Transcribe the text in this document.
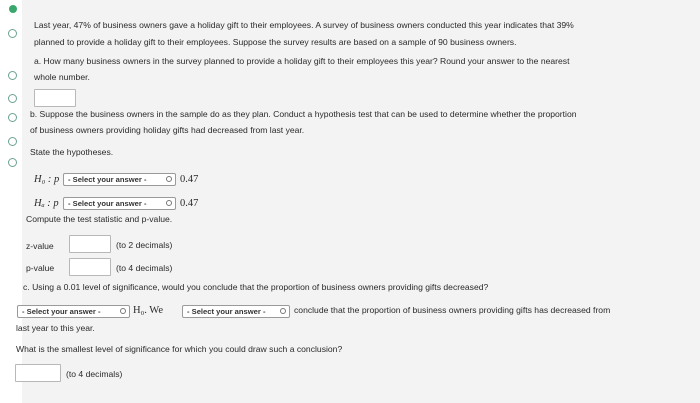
Last year, 47% of business owners gave a holiday gift to their employees. A survey of business owners conducted this year indicates that 39%
planned to provide a holiday gift to their employees. Suppose the survey results are based on a sample of 90 business owners.
a. How many business owners in the survey planned to provide a holiday gift to their employees this year? Round your answer to the nearest
whole number.
b. Suppose the business owners in the sample do as they plan. Conduct a hypothesis test that can be used to determine whether the proportion
of business owners providing holiday gifts had decreased from last year.
State the hypotheses.
H₀ : p	- Select your answer -	0.47
Hₐ : p	- Select your answer -	0.47
Compute the test statistic and p-value.
z-value	(to 2 decimals)
p-value	(to 4 decimals)
c. Using a 0.01 level of significance, would you conclude that the proportion of business owners providing gifts decreased?
- Select your answer -	H₀. We	- Select your answer -	conclude that the proportion of business owners providing gifts has decreased from
last year to this year.
What is the smallest level of significance for which you could draw such a conclusion?
(to 4 decimals)
